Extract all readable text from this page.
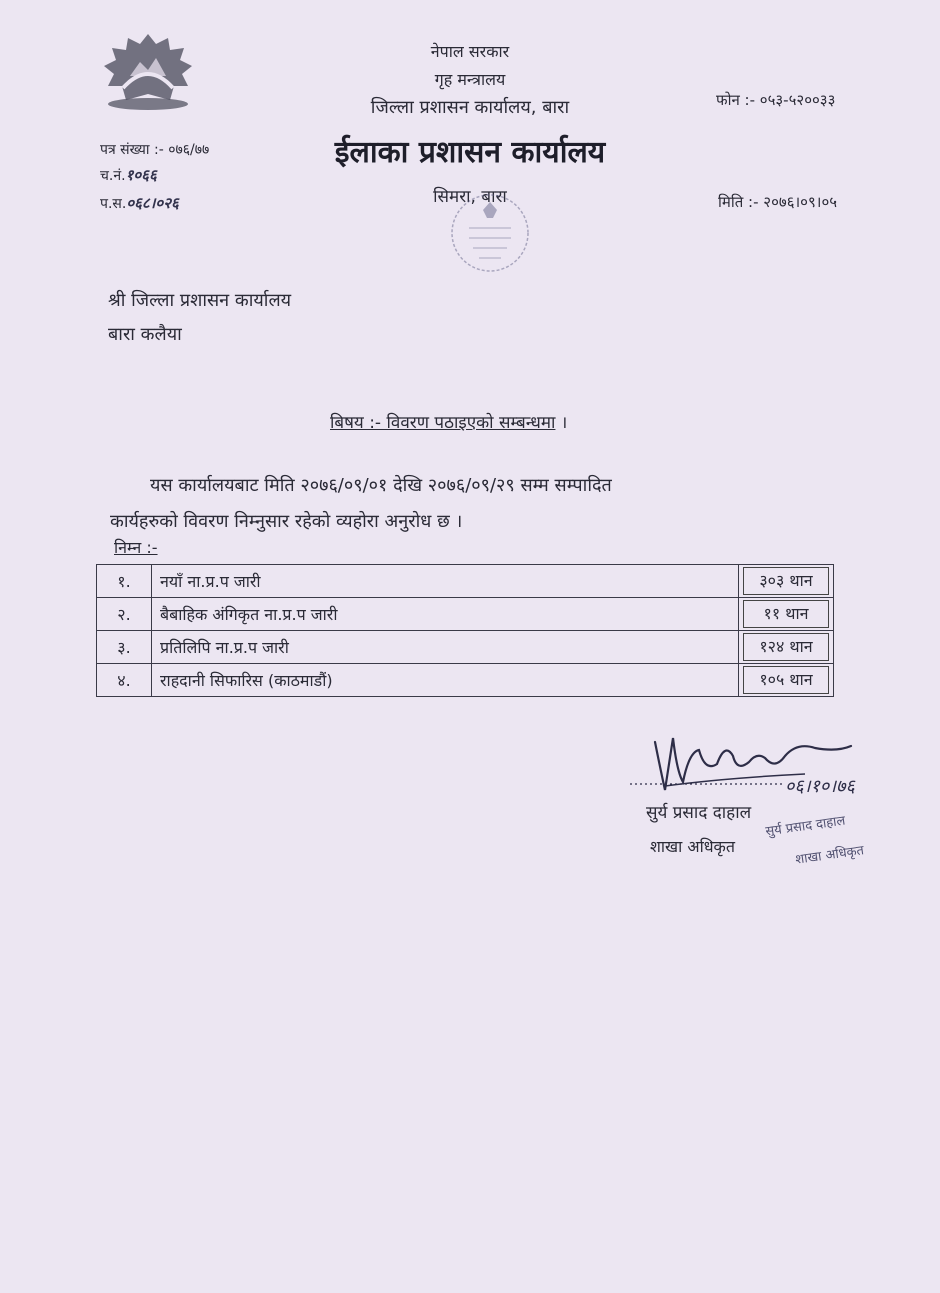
नेपाल सरकार
गृह मन्त्रालय
जिल्ला प्रशासन कार्यालय, बारा
ईलाका प्रशासन कार्यालय
सिमरा, बारा
फोन :- ०५३-५२००३३
मिति :- २०७६।०९।०५
पत्र संख्या :- ०७६/७७
च.नं.१०६६
प.स.०६८।०२६
श्री जिल्ला प्रशासन कार्यालय
बारा कलैया
बिषय :- विवरण पठाइएको सम्बन्धमा ।
यस कार्यालयबाट मिति २०७६/०९/०१ देखि २०७६/०९/२९ सम्म सम्पादित
कार्यहरुको विवरण निम्नुसार रहेको व्यहोरा अनुरोध छ ।
निम्न :-
१.	नयाँ ना.प्र.प जारी	३०३ थान

२.	बैबाहिक अंगिकृत ना.प्र.प जारी	११ थान

३.	प्रतिलिपि ना.प्र.प जारी	१२४ थान

४.	राहदानी सिफारिस (काठमाडौं)	१०५ थान
०६।१०।७६
सुर्य प्रसाद दाहाल
शाखा अधिकृत
सुर्य प्रसाद दाहाल
शाखा अधिकृत
